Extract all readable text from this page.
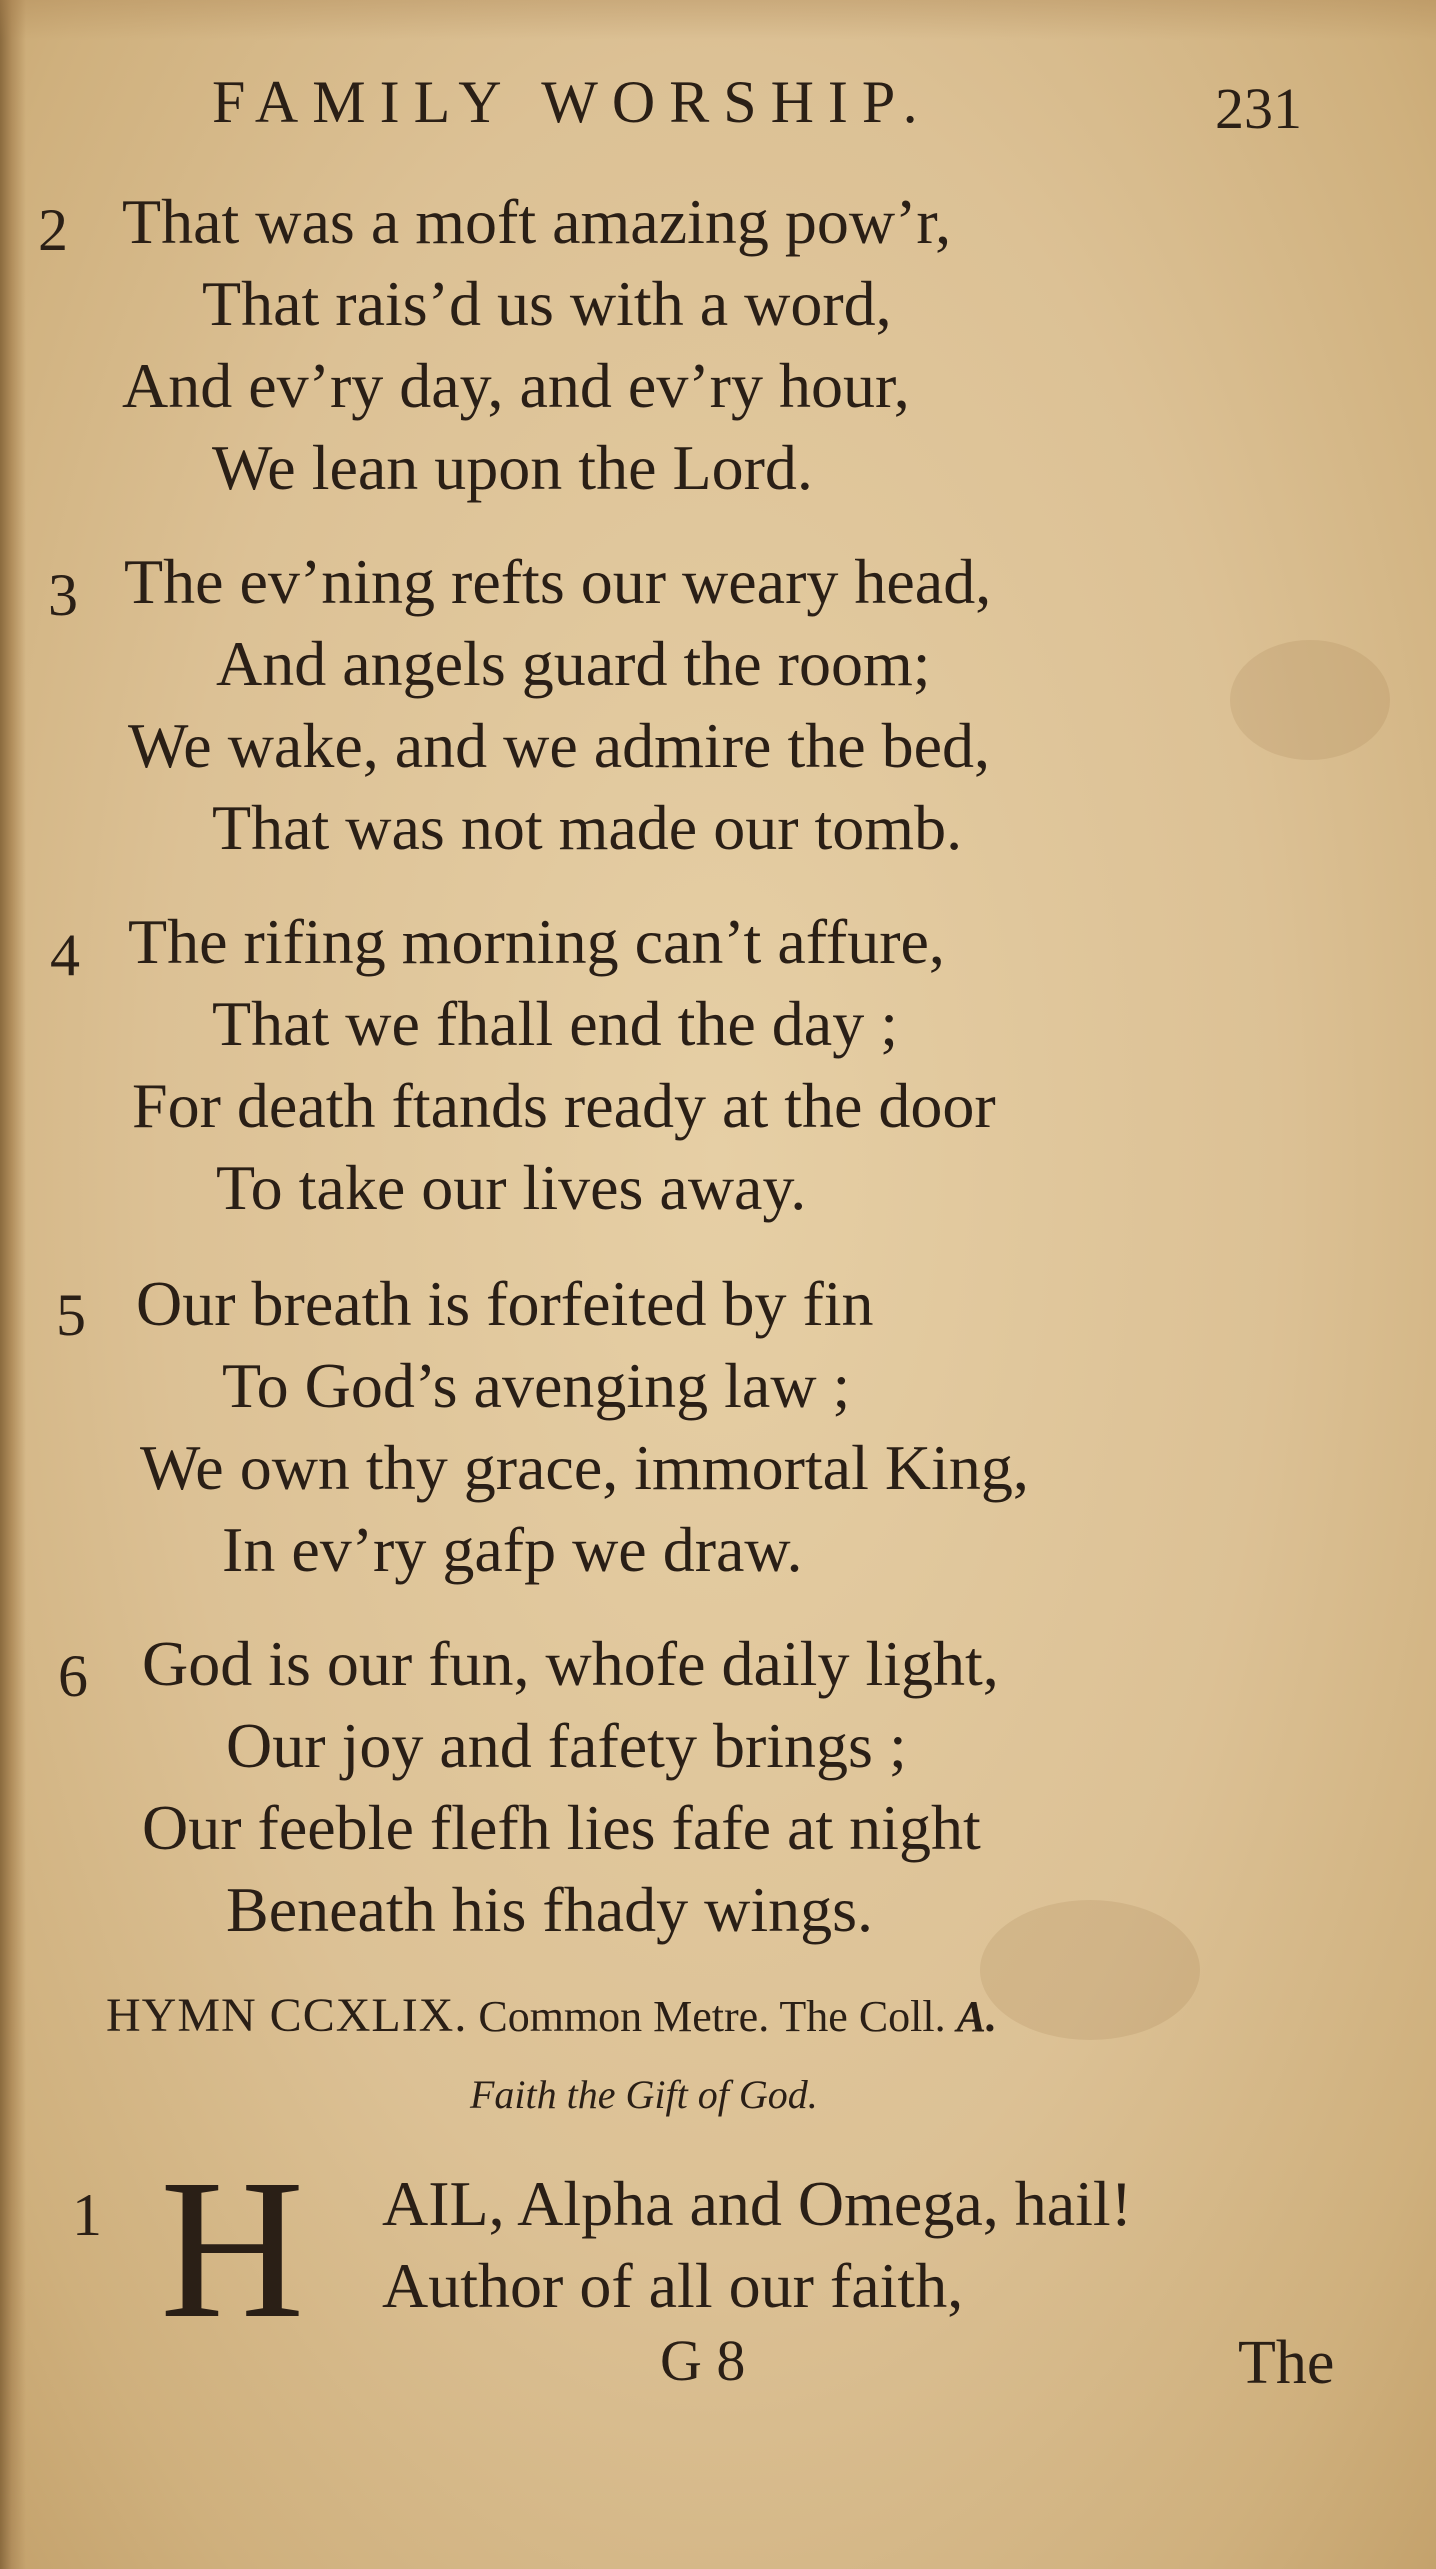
FAMILY WORSHIP.	231
2 That was a moft amazing pow’r,
That rais’d us with a word,
And ev’ry day, and ev’ry hour,
We lean upon the Lord.
3 The ev’ning refts our weary head,
And angels guard the room;
We wake, and we admire the bed,
That was not made our tomb.
4 The rifing morning can’t affure,
That we fhall end the day ;
For death ftands ready at the door
To take our lives away.
5 Our breath is forfeited by fin
To God’s avenging law ;
We own thy grace, immortal King,
In ev’ry gafp we draw.
6 God is our fun, whofe daily light,
Our joy and fafety brings ;
Our feeble flefh lies fafe at night
Beneath his fhady wings.
HYMN CCXLIX. Common Metre. The Coll. A.
Faith the Gift of God.
1 H AIL, Alpha and Omega, hail!
Author of all our faith,
G 8	The
